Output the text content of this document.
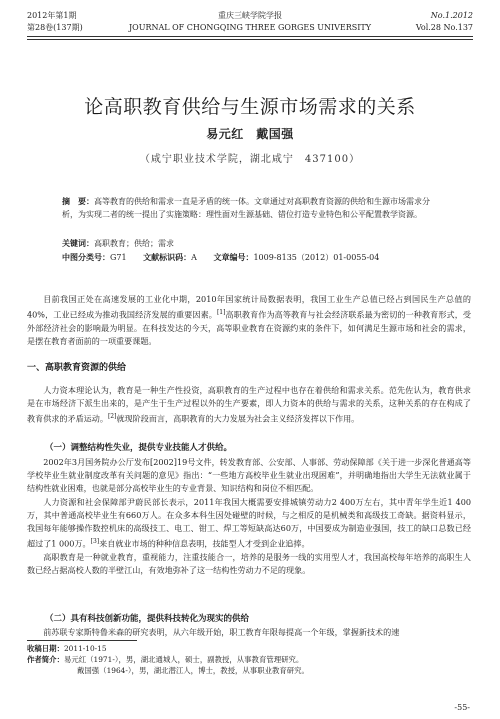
2012年第1期	重庆三峡学院学报	No.1.2012
第28卷(137期)	JOURNAL OF CHONGQING THREE GORGES UNIVERSITY	Vol.28 No.137
论高职教育供给与生源市场需求的关系
易元红　戴国强
（咸宁职业技术学院，湖北咸宁　437100）
摘　要：高等教育的供给和需求一直是矛盾的统一体。文章通过对高职教育资源的供给和生源市场需求分析，为实现二者的统一提出了实施策略：理性面对生源基础、错位打造专业特色和公平配置教学资源。
关键词：高职教育；供给；需求
中图分类号：G71 文献标识码：A 文章编号：1009-8135（2012）01-0055-04

目前我国正处在高速发展的工业化中期，2010年国家统计局数据表明，我国工业生产总值已经占到国民生产总值的40%，工业已经成为推动我国经济发展的重要因素。[1]高职教育作为高等教育与社会经济联系最为密切的一种教育形式，受外部经济社会的影响最为明显。在科技发达的今天，高等职业教育在资源约束的条件下，如何满足生源市场和社会的需求，是摆在教育者面前的一项重要课题。

一、高职教育资源的供给

人力资本理论认为，教育是一种生产性投资，高职教育的生产过程中也存在着供给和需求关系。范先佐认为，教育供求是在市场经济下派生出来的，是产生于生产过程以外的生产要素，即人力资本的供给与需求的关系，这种关系的存在构成了教育供求的矛盾运动。[2]就现阶段而言，高职教育的大力发展为社会主义经济发挥以下作用。

（一）调整结构性失业，提供专业技能人才供给。

2002年3月国务院办公厅发布[2002]19号文件，转发教育部、公安部、人事部、劳动保障部《关于进一步深化普通高等学校毕业生就业制度改革有关问题的意见》指出：“一些地方高校毕业生就业出现困难”，并明确地指出大学生无法就业属于结构性就业困难，也就是部分高校毕业生的专业背景、知识结构和岗位不相匹配。

人力资源和社会保障部尹蔚民部长表示，2011年我国大概需要安排城镇劳动力2 400万左右，其中青年学生近1 400万，其中普通高校毕业生有660万人。在众多本科生因处碰壁的时候，与之相反的是机械类和高级技工奇缺。据资料显示，我国每年能够操作数控机床的高级技工、电工、钳工、焊工等短缺高达60万，中国要成为制造业强国，技工的缺口总数已经超过了1 000万。[3]来自就业市场的种种信息表明，技能型人才受到企业追捧。

高职教育是一种就业教育，重视能力，注重技能合一，培养的是服务一线的实用型人才，我国高校每年培养的高职生人数已经占据高校人数的半壁江山，有效地弥补了这一结构性劳动力不足的现象。

（二）具有科技创新功能，提供科技转化为现实的供给

前苏联专家斯特鲁米森的研究表明，从六年级开始，职工教育年限每提高一个年级，掌握新技术的速

收稿日期：2011-10-15
作者简介：易元红（1971-），男，湖北通城人，硕士，副教授，从事教育管理研究。
戴国强（1964-），男，湖北潜江人，博士，教授，从事职业教育研究。
-55-
